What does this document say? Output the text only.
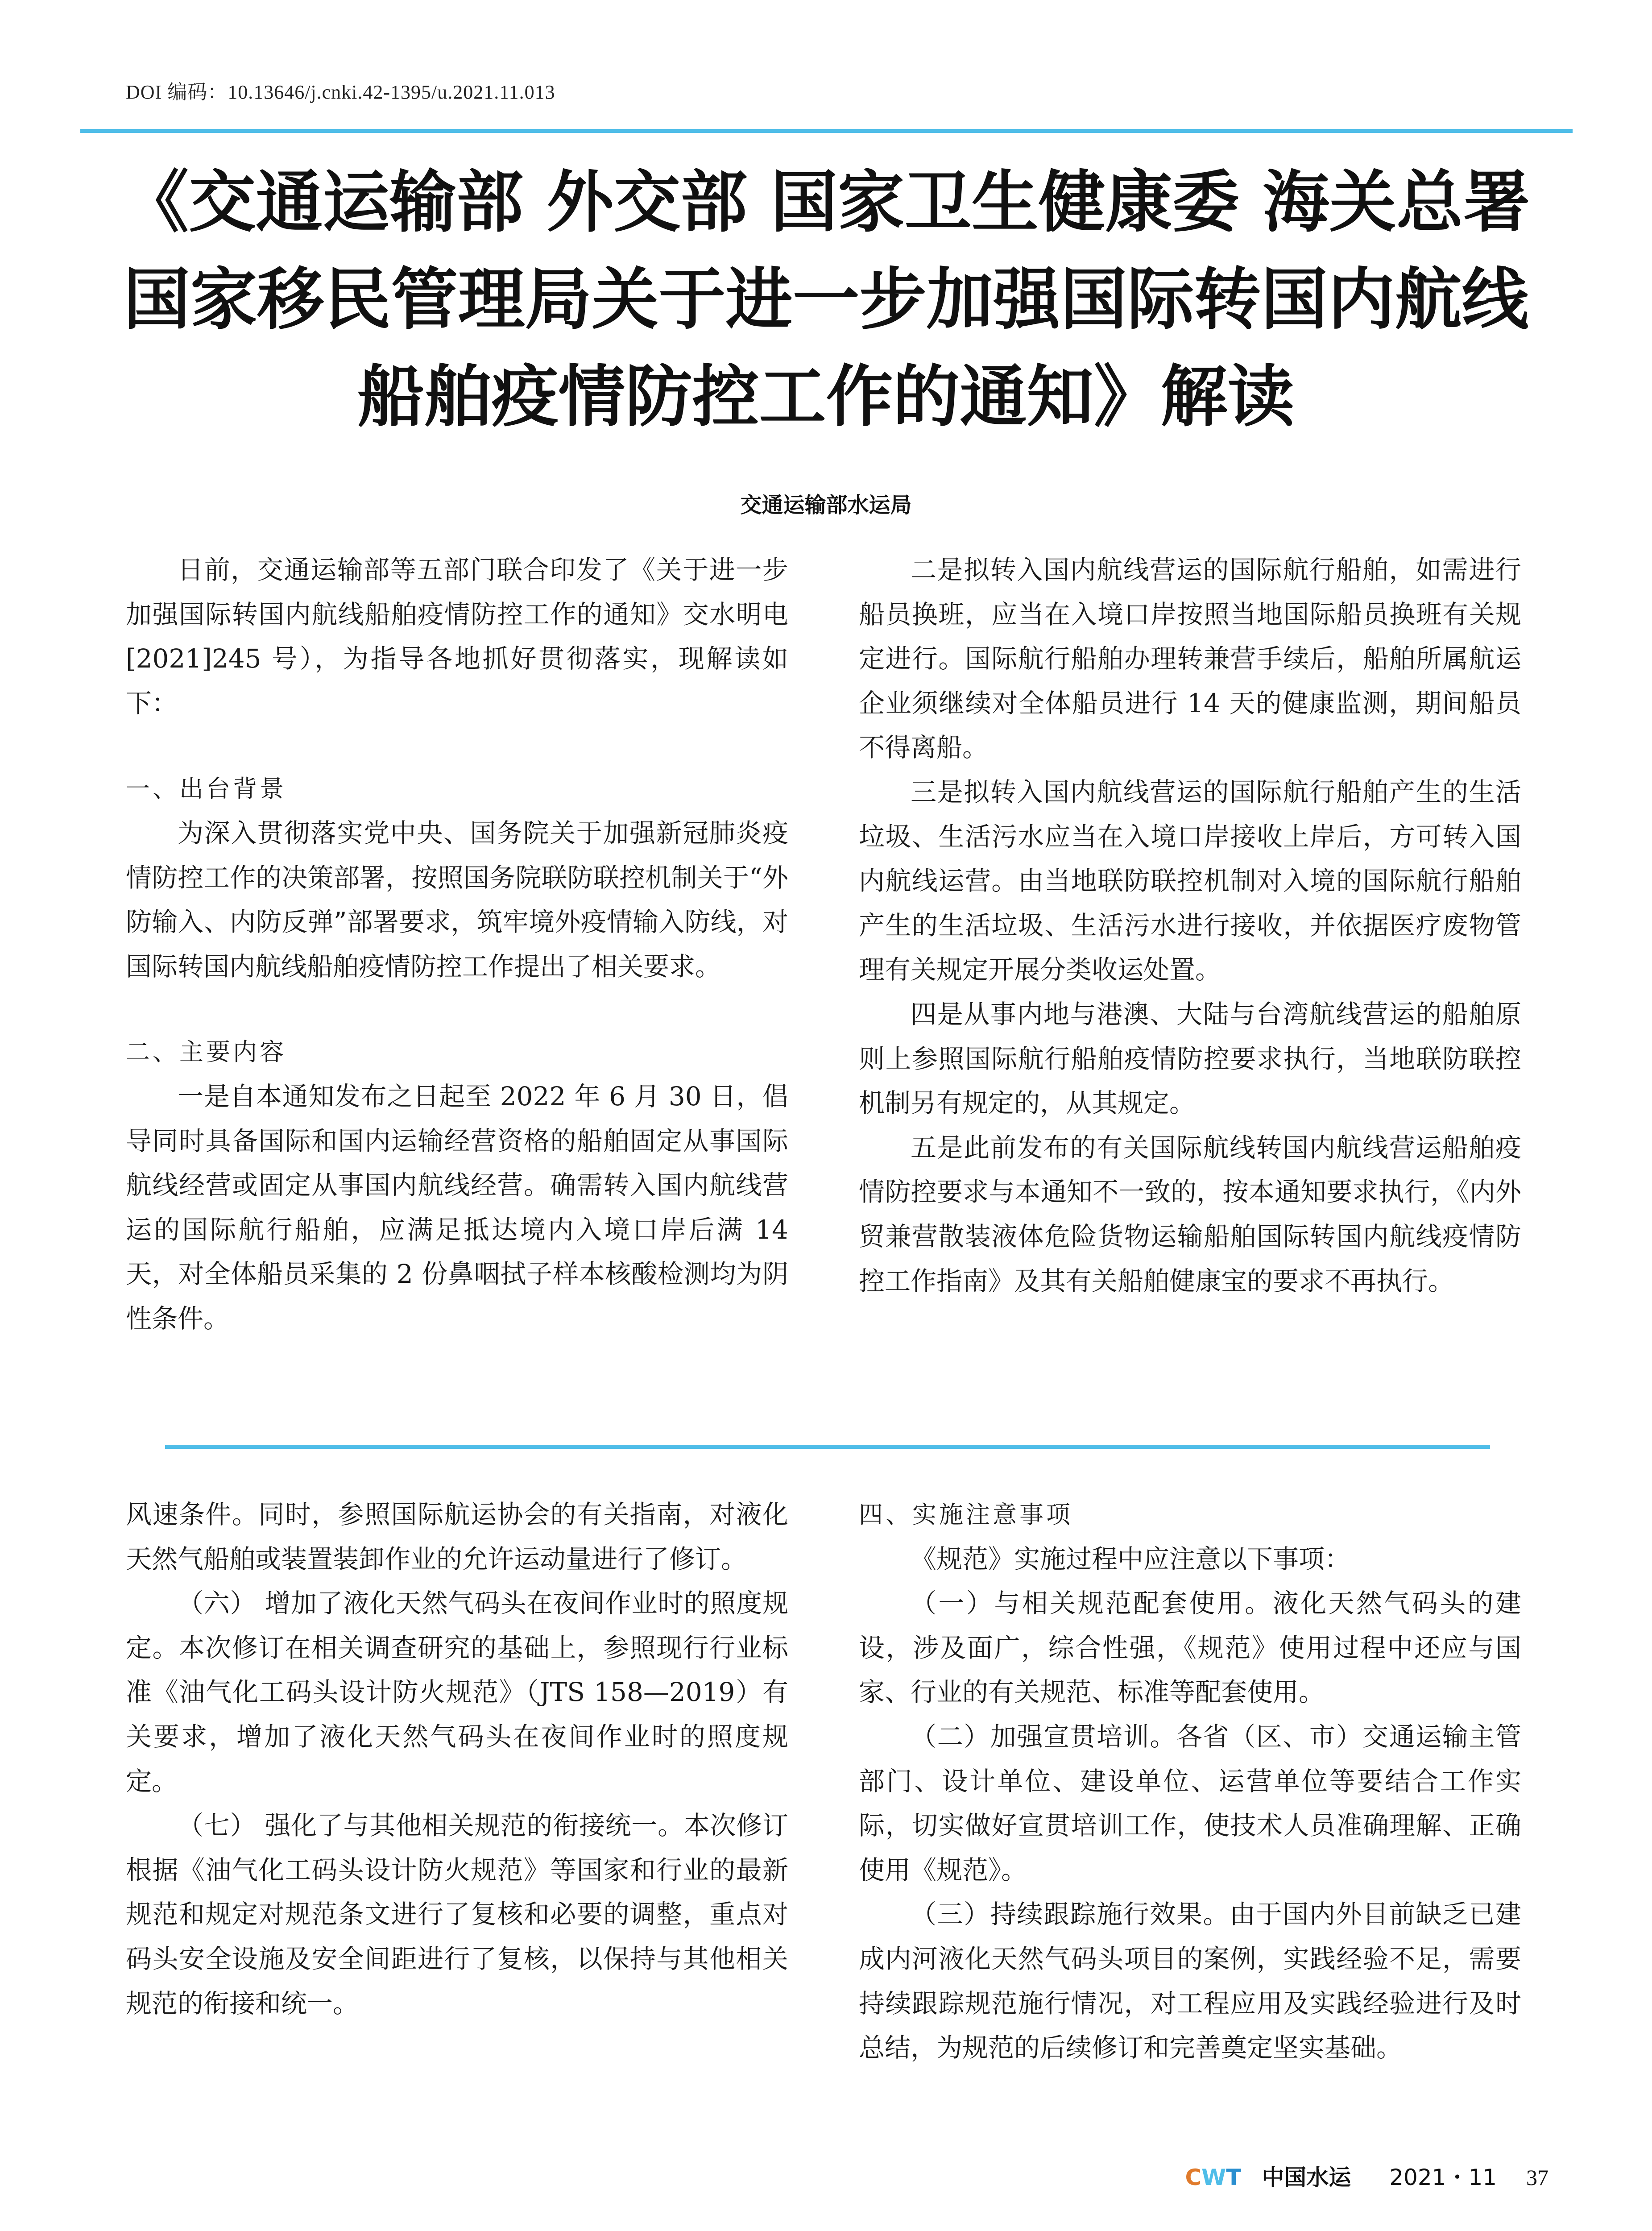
DOI 编码：10.13646/j.cnki.42-1395/u.2021.11.013
《交通运输部 外交部 国家卫生健康委 海关总署
国家移民管理局关于进一步加强国际转国内航线
船舶疫情防控工作的通知》解读
交通运输部水运局

日前，交通运输部等五部门联合印发了《关于进一步加强国际转国内航线船舶疫情防控工作的通知》交水明电 [2021]245 号），为指导各地抓好贯彻落实，现解读如下：

一、出台背景

为深入贯彻落实党中央、国务院关于加强新冠肺炎疫情防控工作的决策部署，按照国务院联防联控机制关于“外防输入、内防反弹”部署要求，筑牢境外疫情输入防线，对国际转国内航线船舶疫情防控工作提出了相关要求。

二、主要内容

一是自本通知发布之日起至 2022 年 6 月 30 日，倡导同时具备国际和国内运输经营资格的船舶固定从事国际航线经营或固定从事国内航线经营。确需转入国内航线营运的国际航行船舶，应满足抵达境内入境口岸后满 14 天，对全体船员采集的 2 份鼻咽拭子样本核酸检测均为阴性条件。

二是拟转入国内航线营运的国际航行船舶，如需进行船员换班，应当在入境口岸按照当地国际船员换班有关规定进行。国际航行船舶办理转兼营手续后，船舶所属航运企业须继续对全体船员进行 14 天的健康监测，期间船员不得离船。

三是拟转入国内航线营运的国际航行船舶产生的生活垃圾、生活污水应当在入境口岸接收上岸后，方可转入国内航线运营。由当地联防联控机制对入境的国际航行船舶产生的生活垃圾、生活污水进行接收，并依据医疗废物管理有关规定开展分类收运处置。

四是从事内地与港澳、大陆与台湾航线营运的船舶原则上参照国际航行船舶疫情防控要求执行，当地联防联控机制另有规定的，从其规定。

五是此前发布的有关国际航线转国内航线营运船舶疫情防控要求与本通知不一致的，按本通知要求执行，《内外贸兼营散装液体危险货物运输船舶国际转国内航线疫情防控工作指南》及其有关船舶健康宝的要求不再执行。

风速条件。同时，参照国际航运协会的有关指南，对液化天然气船舶或装置装卸作业的允许运动量进行了修订。

（六） 增加了液化天然气码头在夜间作业时的照度规定。本次修订在相关调查研究的基础上，参照现行行业标准《油气化工码头设计防火规范》（JTS 158—2019）有关要求，增加了液化天然气码头在夜间作业时的照度规定。

（七） 强化了与其他相关规范的衔接统一。本次修订根据《油气化工码头设计防火规范》等国家和行业的最新规范和规定对规范条文进行了复核和必要的调整，重点对码头安全设施及安全间距进行了复核，以保持与其他相关规范的衔接和统一。

四、实施注意事项

《规范》实施过程中应注意以下事项：

（一）与相关规范配套使用。液化天然气码头的建设，涉及面广，综合性强，《规范》使用过程中还应与国家、行业的有关规范、标准等配套使用。

（二）加强宣贯培训。各省（区、市）交通运输主管部门、设计单位、建设单位、运营单位等要结合工作实际，切实做好宣贯培训工作，使技术人员准确理解、正确使用《规范》。

（三）持续跟踪施行效果。由于国内外目前缺乏已建成内河液化天然气码头项目的案例，实践经验不足，需要持续跟踪规范施行情况，对工程应用及实践经验进行及时总结，为规范的后续修订和完善奠定坚实基础。

CWT 中国水运 2021・11 37
